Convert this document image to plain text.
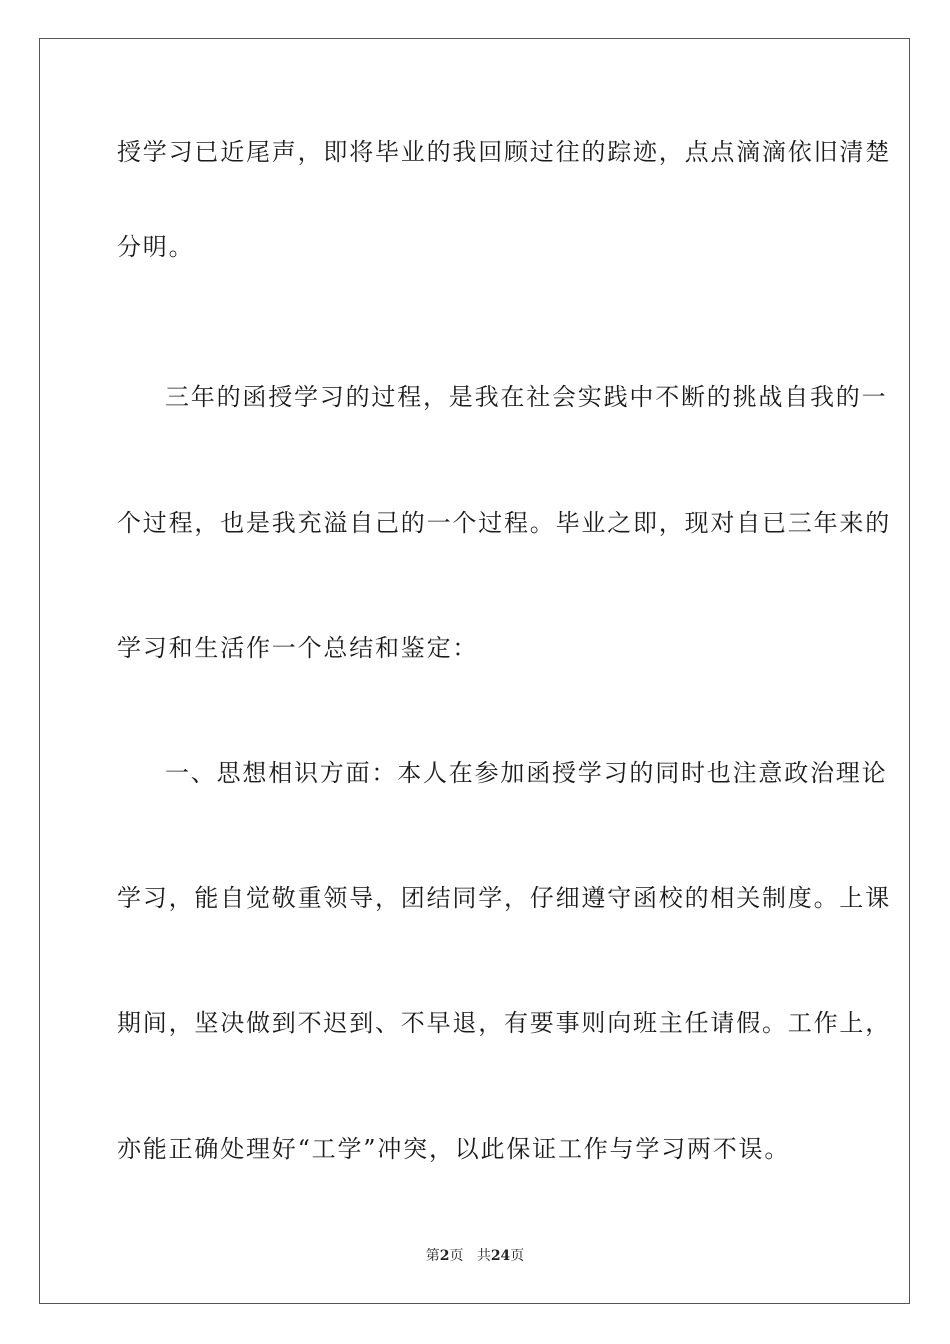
授学习已近尾声，即将毕业的我回顾过往的踪迹，点点滴滴依旧清楚
分明。
三年的函授学习的过程，是我在社会实践中不断的挑战自我的一
个过程，也是我充溢自己的一个过程。毕业之即，现对自已三年来的
学习和生活作一个总结和鉴定：
一、思想相识方面：本人在参加函授学习的同时也注意政治理论
学习，能自觉敬重领导，团结同学，仔细遵守函校的相关制度。上课
期间，坚决做到不迟到、不早退，有要事则向班主任请假。工作上，
亦能正确处理好“工学”冲突，以此保证工作与学习两不误。
第2页 共24页
